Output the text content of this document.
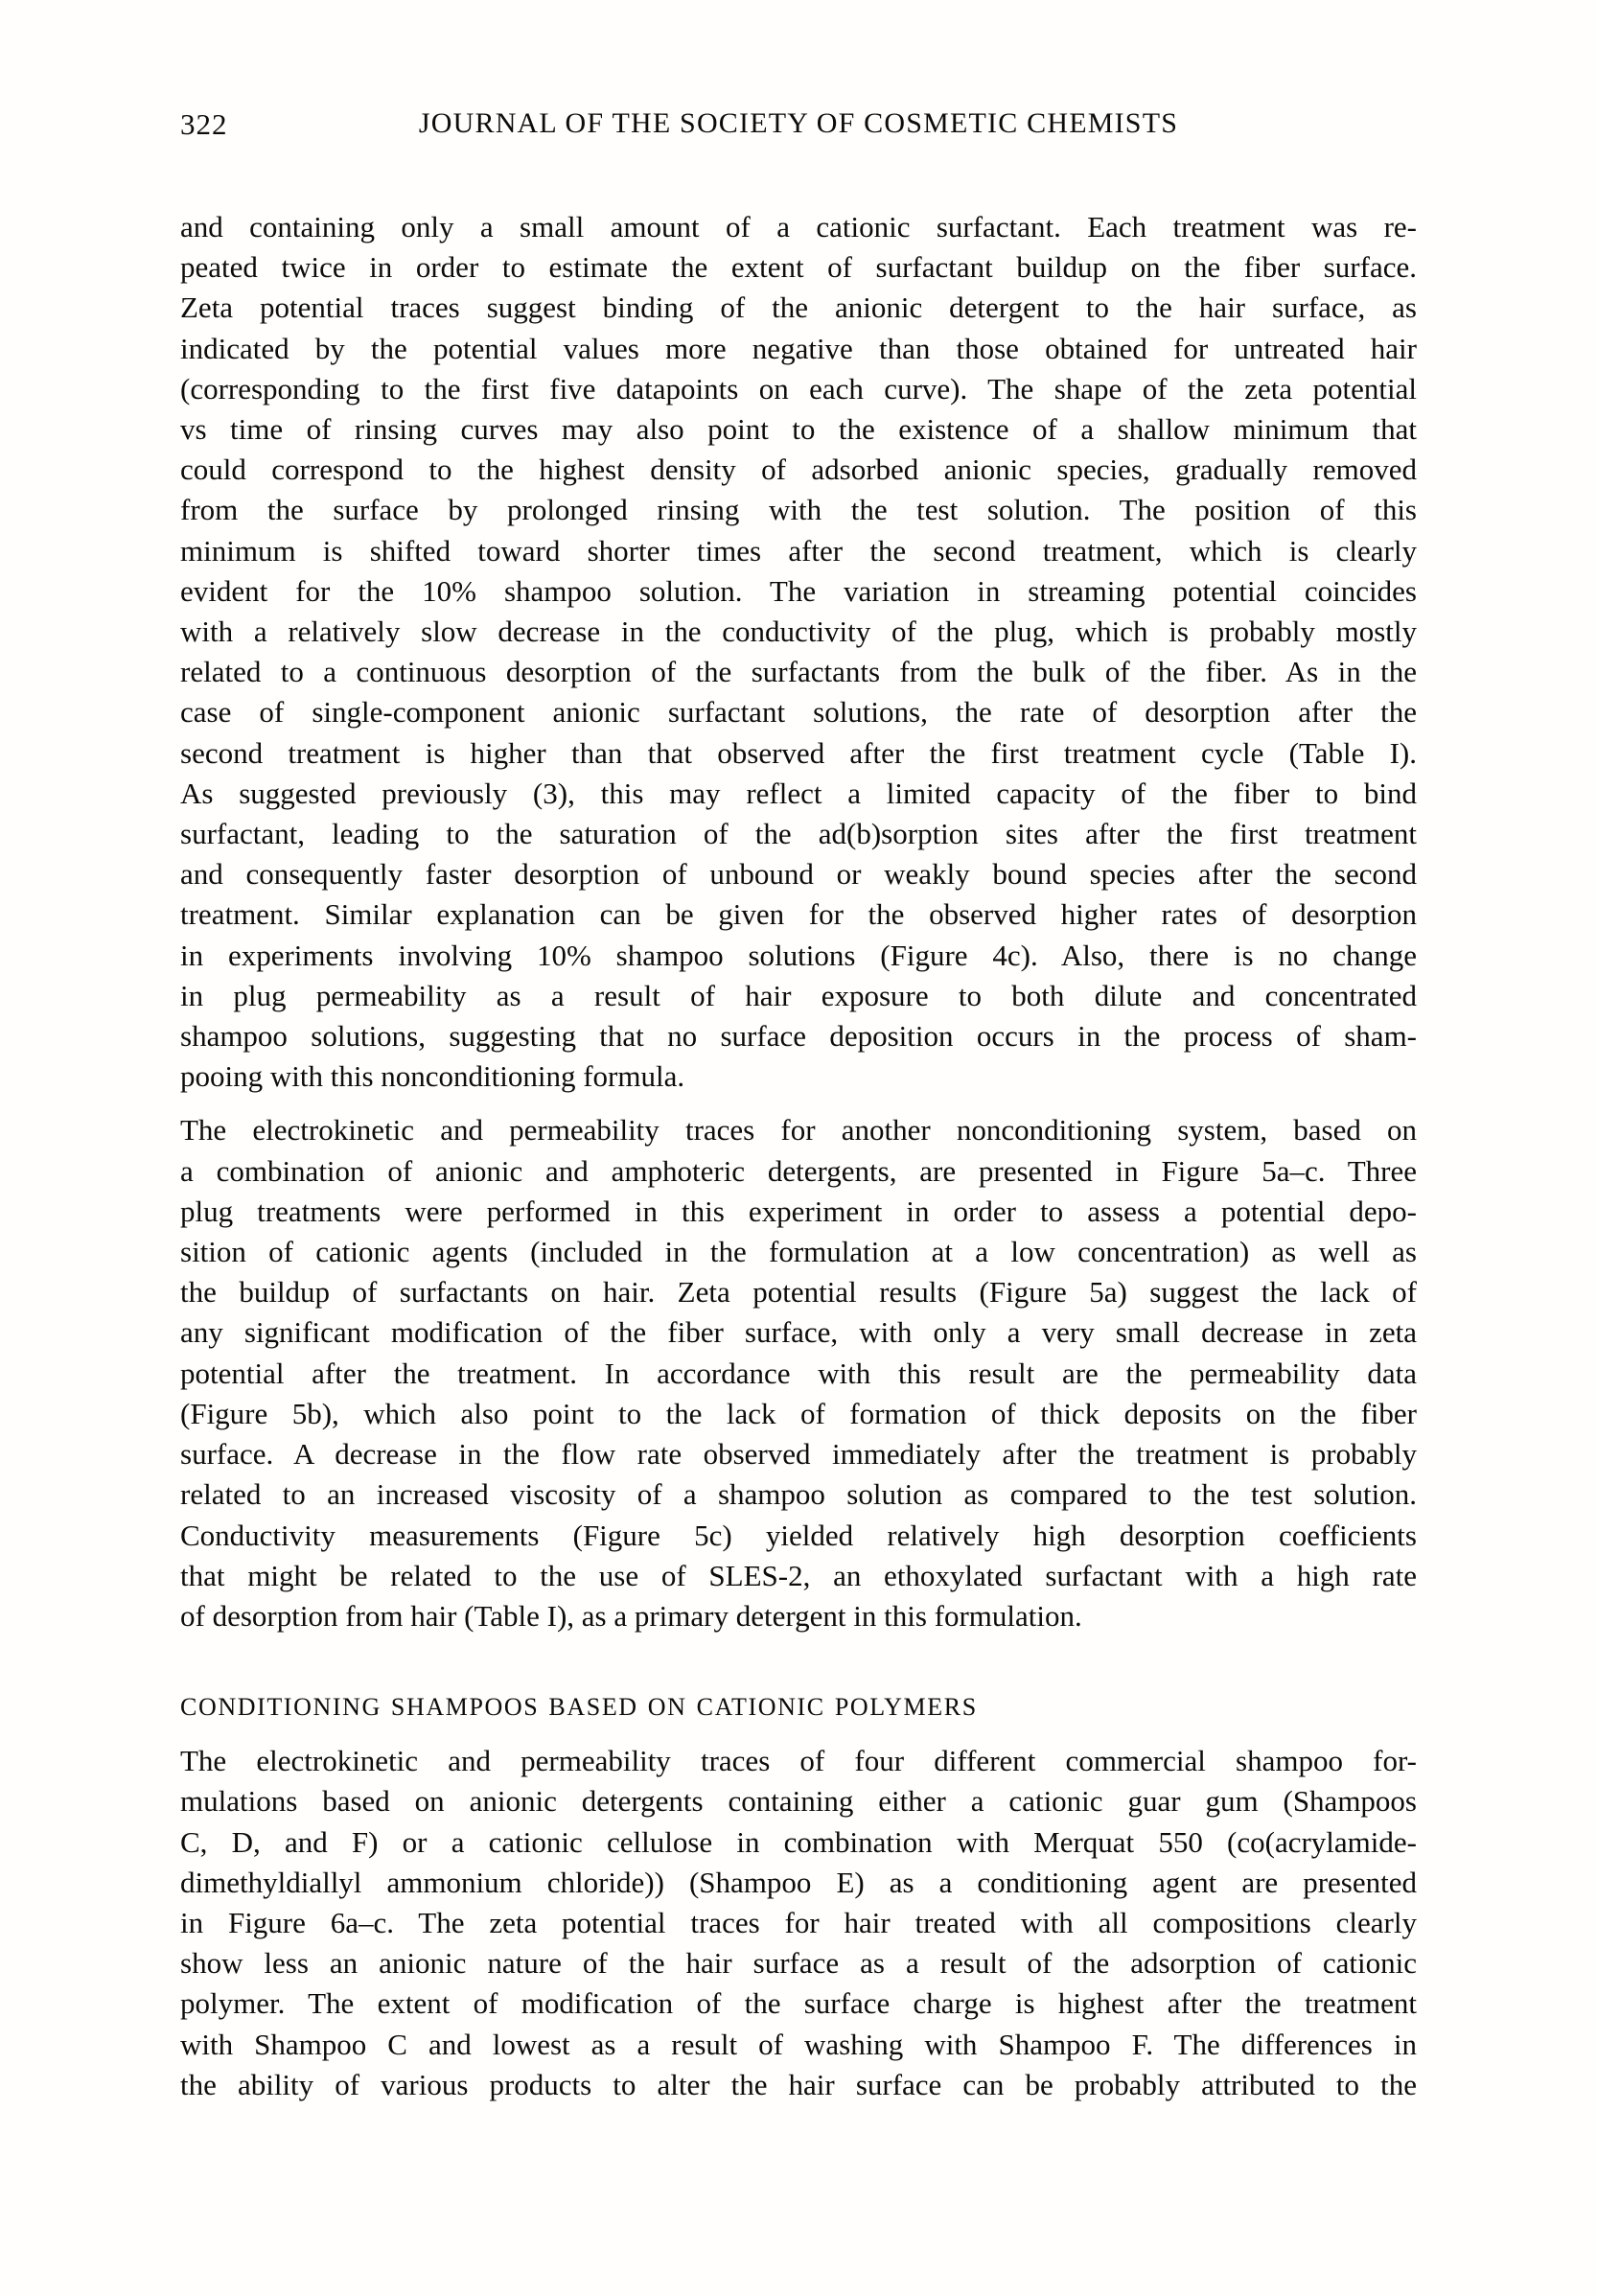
322	JOURNAL OF THE SOCIETY OF COSMETIC CHEMISTS
and containing only a small amount of a cationic surfactant. Each treatment was re-
peated twice in order to estimate the extent of surfactant buildup on the fiber surface.
Zeta potential traces suggest binding of the anionic detergent to the hair surface, as
indicated by the potential values more negative than those obtained for untreated hair
(corresponding to the first five datapoints on each curve). The shape of the zeta potential
vs time of rinsing curves may also point to the existence of a shallow minimum that
could correspond to the highest density of adsorbed anionic species, gradually removed
from the surface by prolonged rinsing with the test solution. The position of this
minimum is shifted toward shorter times after the second treatment, which is clearly
evident for the 10% shampoo solution. The variation in streaming potential coincides
with a relatively slow decrease in the conductivity of the plug, which is probably mostly
related to a continuous desorption of the surfactants from the bulk of the fiber. As in the
case of single-component anionic surfactant solutions, the rate of desorption after the
second treatment is higher than that observed after the first treatment cycle (Table I).
As suggested previously (3), this may reflect a limited capacity of the fiber to bind
surfactant, leading to the saturation of the ad(b)sorption sites after the first treatment
and consequently faster desorption of unbound or weakly bound species after the second
treatment. Similar explanation can be given for the observed higher rates of desorption
in experiments involving 10% shampoo solutions (Figure 4c). Also, there is no change
in plug permeability as a result of hair exposure to both dilute and concentrated
shampoo solutions, suggesting that no surface deposition occurs in the process of sham-
pooing with this nonconditioning formula.
The electrokinetic and permeability traces for another nonconditioning system, based on
a combination of anionic and amphoteric detergents, are presented in Figure 5a–c. Three
plug treatments were performed in this experiment in order to assess a potential depo-
sition of cationic agents (included in the formulation at a low concentration) as well as
the buildup of surfactants on hair. Zeta potential results (Figure 5a) suggest the lack of
any significant modification of the fiber surface, with only a very small decrease in zeta
potential after the treatment. In accordance with this result are the permeability data
(Figure 5b), which also point to the lack of formation of thick deposits on the fiber
surface. A decrease in the flow rate observed immediately after the treatment is probably
related to an increased viscosity of a shampoo solution as compared to the test solution.
Conductivity measurements (Figure 5c) yielded relatively high desorption coefficients
that might be related to the use of SLES-2, an ethoxylated surfactant with a high rate
of desorption from hair (Table I), as a primary detergent in this formulation.
CONDITIONING SHAMPOOS BASED ON CATIONIC POLYMERS
The electrokinetic and permeability traces of four different commercial shampoo for-
mulations based on anionic detergents containing either a cationic guar gum (Shampoos
C, D, and F) or a cationic cellulose in combination with Merquat 550 (co(acrylamide-
dimethyldiallyl ammonium chloride)) (Shampoo E) as a conditioning agent are presented
in Figure 6a–c. The zeta potential traces for hair treated with all compositions clearly
show less an anionic nature of the hair surface as a result of the adsorption of cationic
polymer. The extent of modification of the surface charge is highest after the treatment
with Shampoo C and lowest as a result of washing with Shampoo F. The differences in
the ability of various products to alter the hair surface can be probably attributed to the
